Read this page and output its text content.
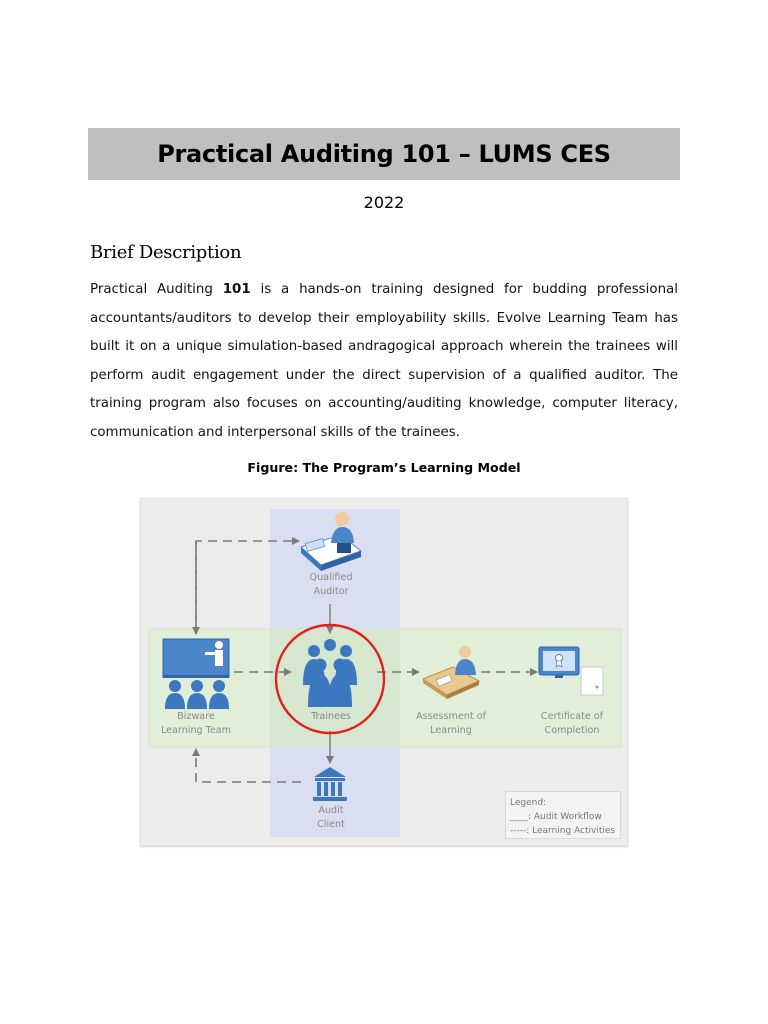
Practical Auditing 101 – LUMS CES
2022
Brief Description

Practical Auditing 101 is a hands-on training designed for budding professional accountants/auditors to develop their employability skills. Evolve Learning Team has built it on a unique simulation-based andragogical approach wherein the trainees will perform audit engagement under the direct supervision of a qualified auditor. The training program also focuses on accounting/auditing knowledge, computer literacy, communication and interpersonal skills of the trainees.

Figure: The Program’s Learning Model
Qualified
Auditor
Bizware
Learning Team
Trainees	Assessment of
Learning
Certificate of
Completion
Audit
Client
Legend:
____: Audit Workflow
-----: Learning Activities
